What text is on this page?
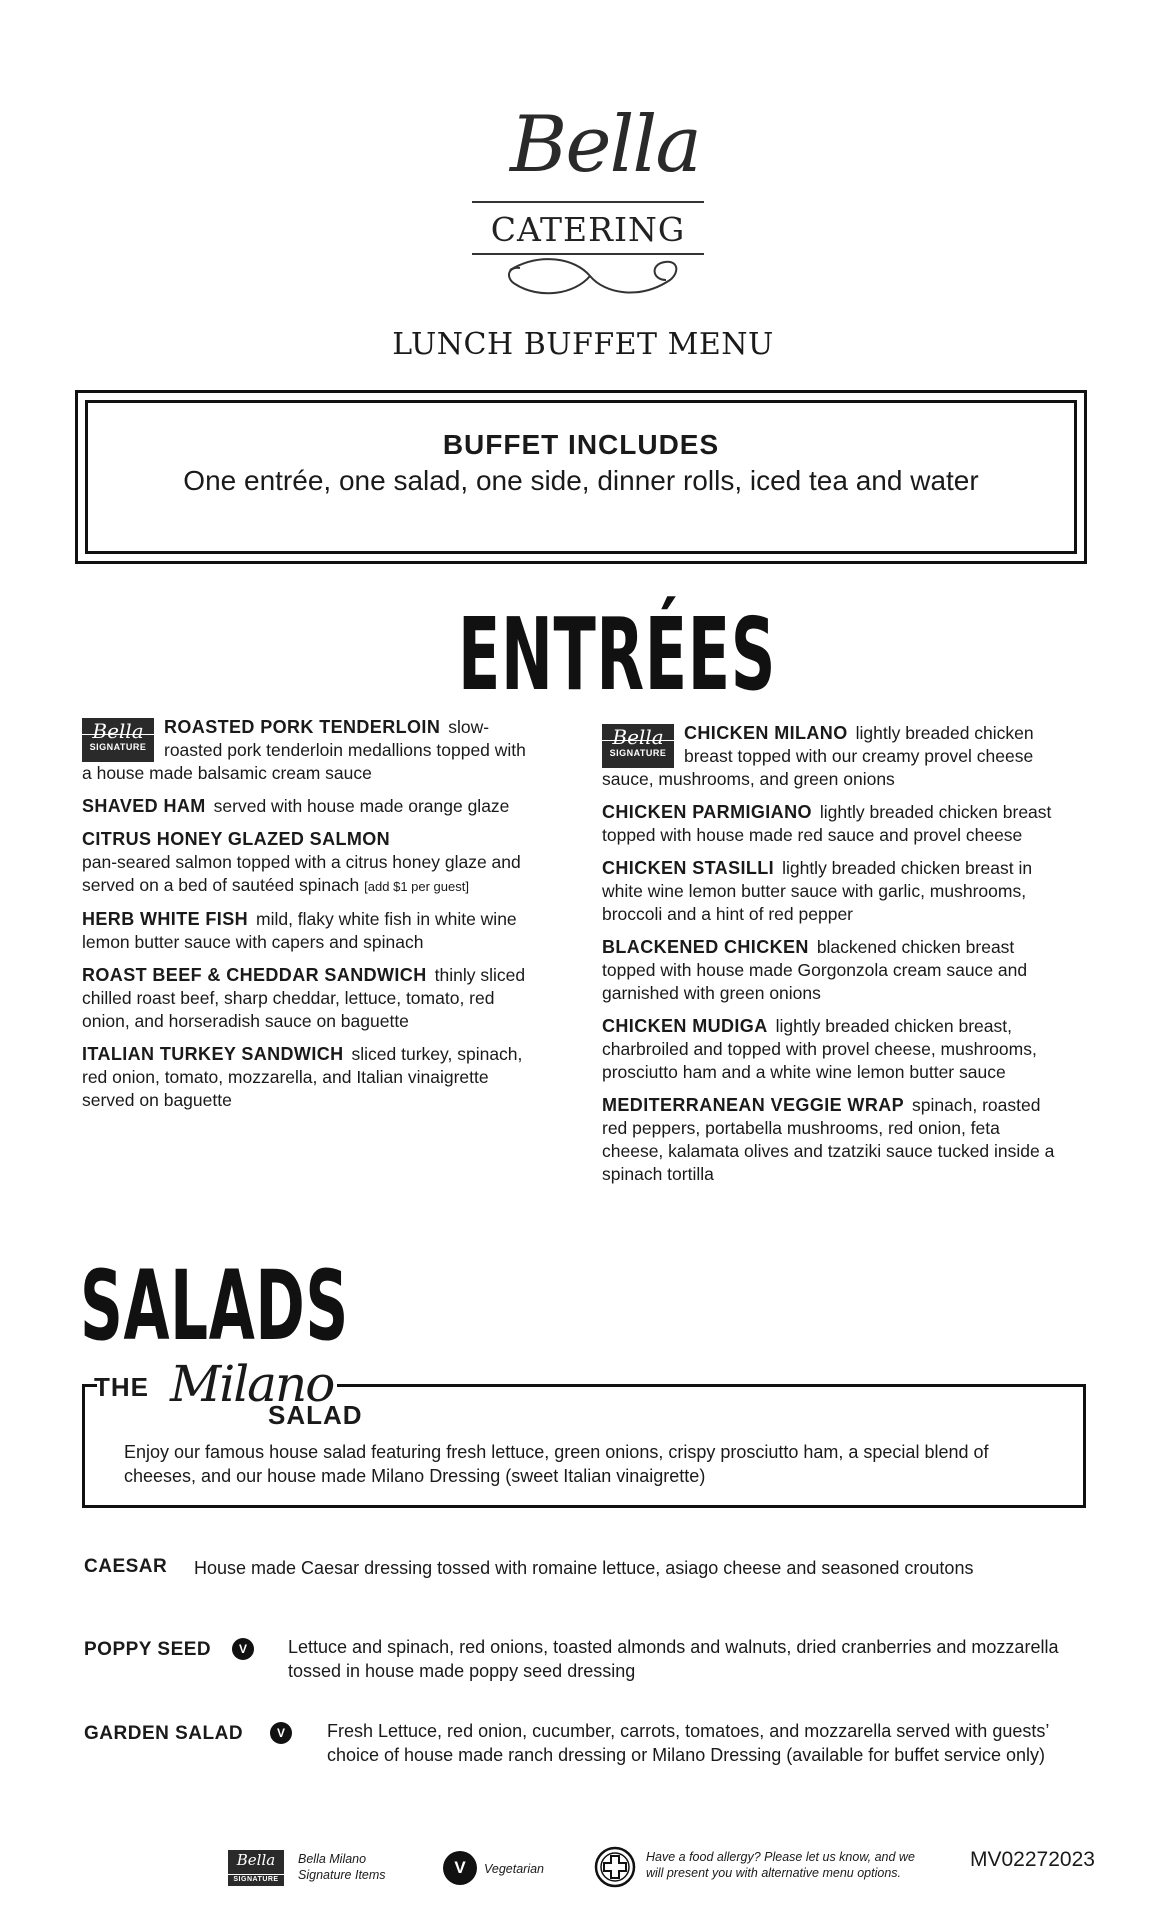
Bella
CATERING
LUNCH BUFFET MENU
BUFFET INCLUDES
One entrée, one salad, one side, dinner rolls, iced tea and water
ENTRÉES
Bella
SIGNATURE
ROASTED PORK TENDERLOIN slow-roasted pork tenderloin medallions topped with a house made balsamic cream sauce
SHAVED HAM served with house made orange glaze
CITRUS HONEY GLAZED SALMON
pan-seared salmon topped with a citrus honey glaze and served on a bed of sautéed spinach [add $1 per guest]
HERB WHITE FISH mild, flaky white fish in white wine lemon butter sauce with capers and spinach
ROAST BEEF & CHEDDAR SANDWICH thinly sliced chilled roast beef, sharp cheddar, lettuce, tomato, red onion, and horseradish sauce on baguette
ITALIAN TURKEY SANDWICH sliced turkey, spinach, red onion, tomato, mozzarella, and Italian vinaigrette served on baguette
Bella
SIGNATURE
CHICKEN MILANO lightly breaded chicken breast topped with our creamy provel cheese sauce, mushrooms, and green onions
CHICKEN PARMIGIANO lightly breaded chicken breast topped with house made red sauce and provel cheese
CHICKEN STASILLI lightly breaded chicken breast in white wine lemon butter sauce with garlic, mushrooms, broccoli and a hint of red pepper
BLACKENED CHICKEN blackened chicken breast topped with house made Gorgonzola cream sauce and garnished with green onions
CHICKEN MUDIGA lightly breaded chicken breast, charbroiled and topped with provel cheese, mushrooms, prosciutto ham and a white wine lemon butter sauce
MEDITERRANEAN VEGGIE WRAP spinach, roasted red peppers, portabella mushrooms, red onion, feta cheese, kalamata olives and tzatziki sauce tucked inside a spinach tortilla
SALADS
THE Milano
SALAD
Enjoy our famous house salad featuring fresh lettuce, green onions, crispy prosciutto ham, a special blend of cheeses, and our house made Milano Dressing (sweet Italian vinaigrette)
CAESAR House made Caesar dressing tossed with romaine lettuce, asiago cheese and seasoned croutons
POPPY SEED	V	Lettuce and spinach, red onions, toasted almonds and walnuts, dried cranberries and mozzarella tossed in house made poppy seed dressing
GARDEN SALAD	V	Fresh Lettuce, red onion, cucumber, carrots, tomatoes, and mozzarella served with guests’ choice of house made ranch dressing or Milano Dressing (available for buffet service only)
Bella
SIGNATURE
Bella Milano
Signature Items	V	Vegetarian
Have a food allergy? Please let us know, and we
will present you with alternative menu options.
MV02272023
